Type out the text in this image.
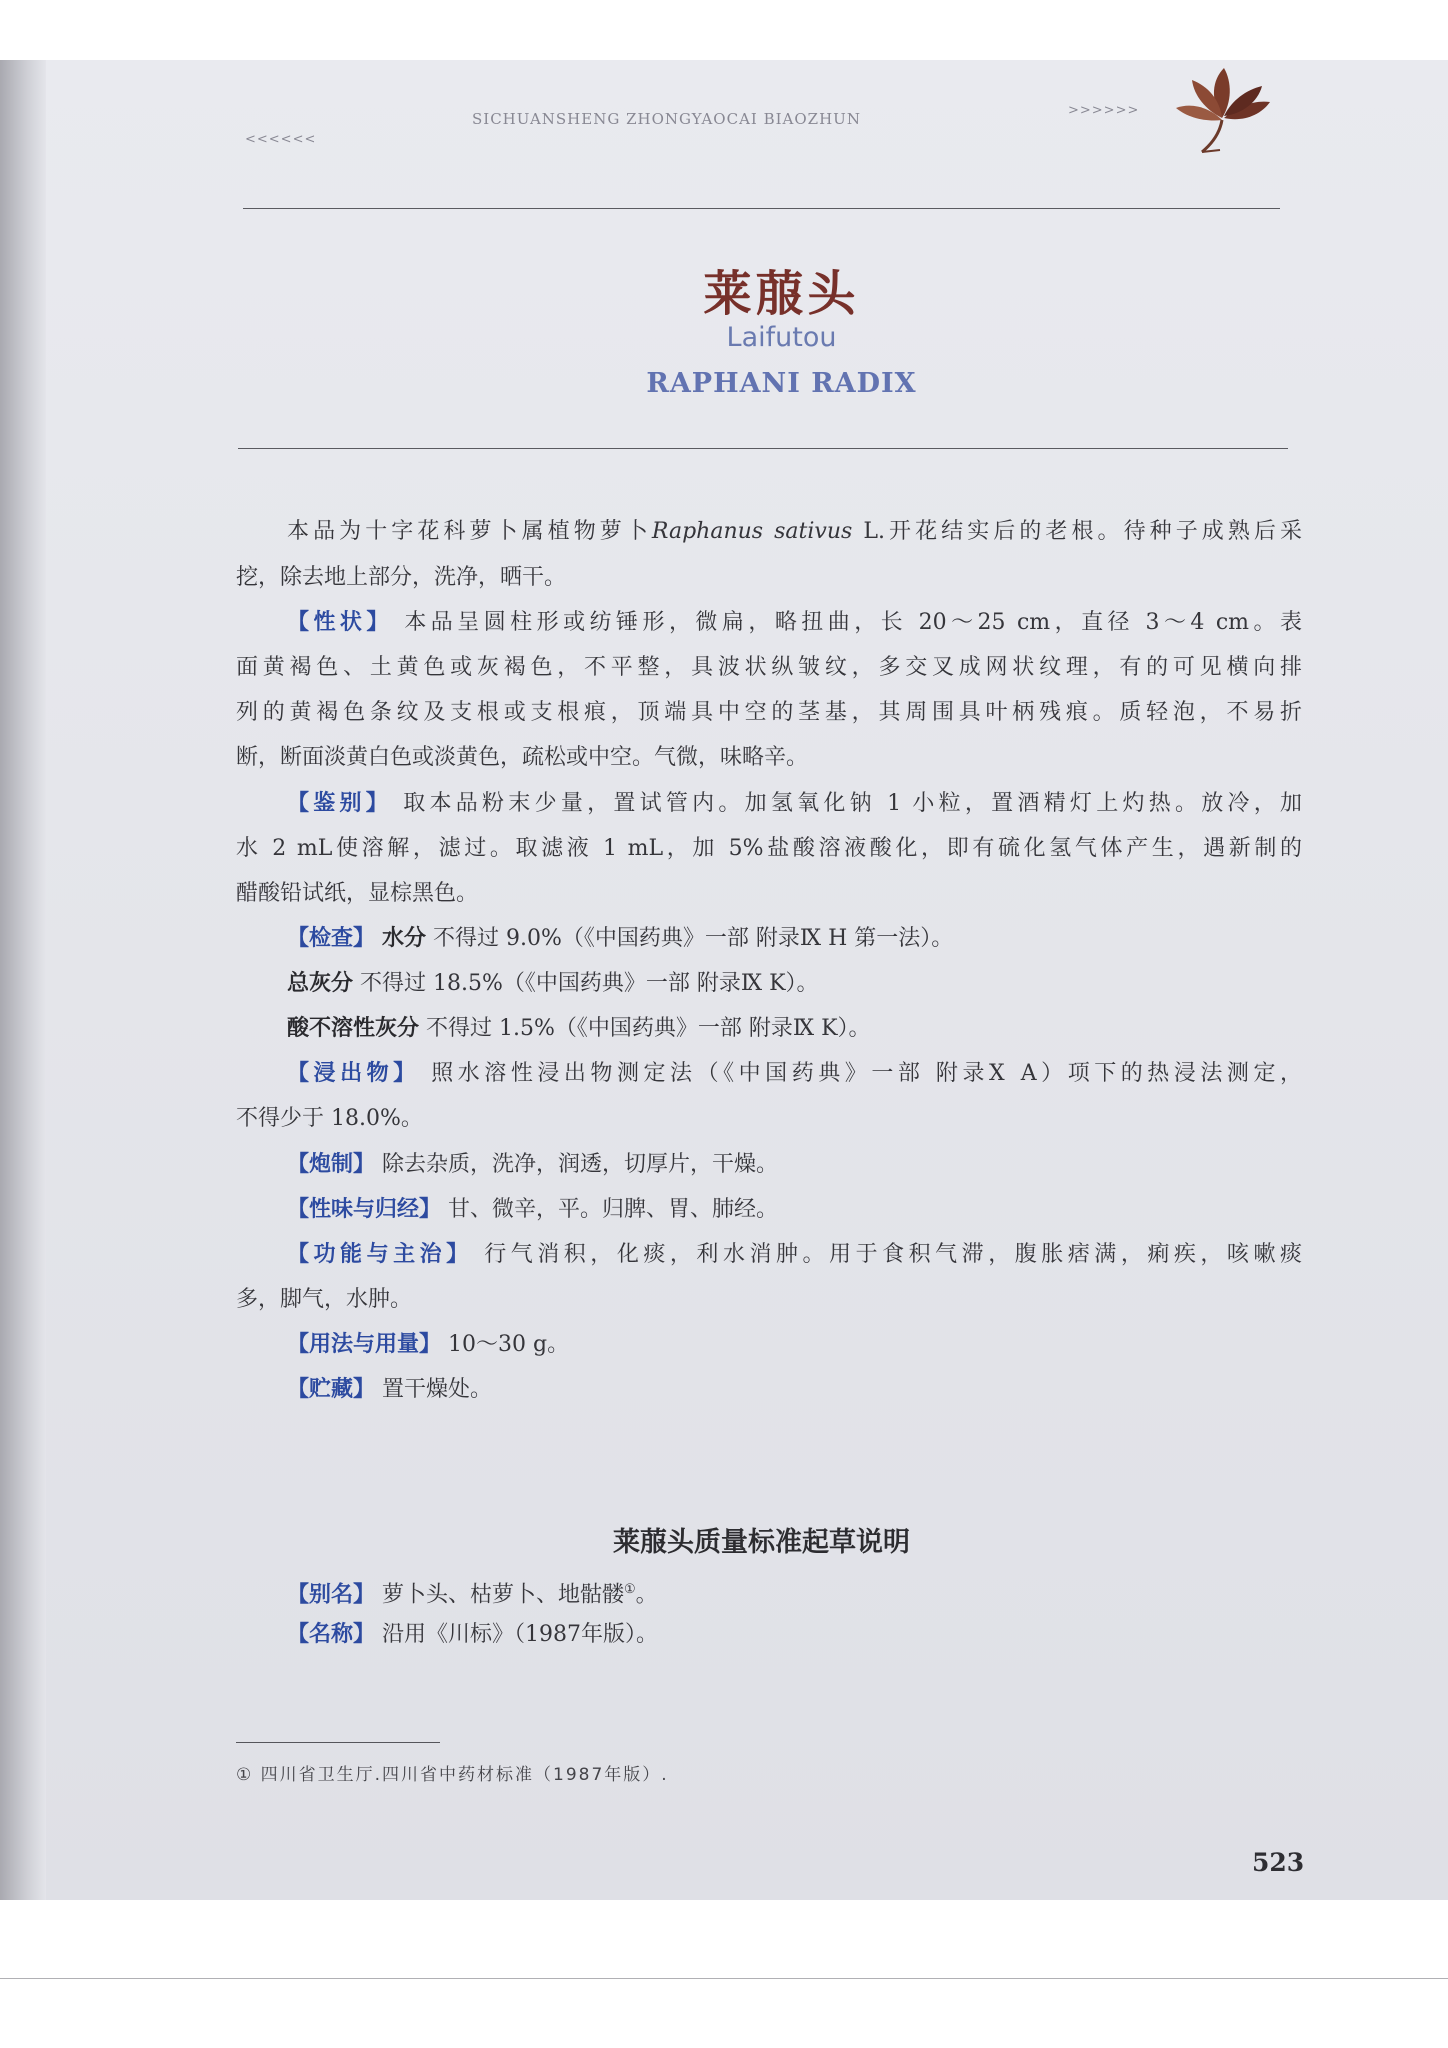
<<<<<<
SICHUANSHENG ZHONGYAOCAI BIAOZHUN	>>>>>>
莱菔头
Laifutou
RAPHANI RADIX
本品为十字花科萝卜属植物萝卜Raphanus sativus L.开花结实后的老根。待种子成熟后采
挖，除去地上部分，洗净，晒干。
【性状】 本品呈圆柱形或纺锤形，微扁，略扭曲，长 20～25 cm，直径 3～4 cm。表
面黄褐色、土黄色或灰褐色，不平整，具波状纵皱纹，多交叉成网状纹理，有的可见横向排
列的黄褐色条纹及支根或支根痕，顶端具中空的茎基，其周围具叶柄残痕。质轻泡，不易折
断，断面淡黄白色或淡黄色，疏松或中空。气微，味略辛。
【鉴别】 取本品粉末少量，置试管内。加氢氧化钠 1 小粒，置酒精灯上灼热。放冷，加
水 2 mL使溶解，滤过。取滤液 1 mL，加 5%盐酸溶液酸化，即有硫化氢气体产生，遇新制的
醋酸铅试纸，显棕黑色。
【检查】 水分 不得过 9.0%（《中国药典》一部 附录Ⅸ H 第一法）。
总灰分 不得过 18.5%（《中国药典》一部 附录Ⅸ K）。
酸不溶性灰分 不得过 1.5%（《中国药典》一部 附录Ⅸ K）。
【浸出物】 照水溶性浸出物测定法（《中国药典》一部 附录Ⅹ A）项下的热浸法测定，
不得少于 18.0%。
【炮制】 除去杂质，洗净，润透，切厚片，干燥。
【性味与归经】 甘、微辛，平。归脾、胃、肺经。
【功能与主治】 行气消积，化痰，利水消肿。用于食积气滞，腹胀痞满，痢疾，咳嗽痰
多，脚气，水肿。
【用法与用量】 10～30 g。
【贮藏】 置干燥处。
【别名】 萝卜头、枯萝卜、地骷髅①。
【名称】 沿用《川标》（1987年版）。
莱菔头质量标准起草说明
① 四川省卫生厅.四川省中药材标准（1987年版）.
523
